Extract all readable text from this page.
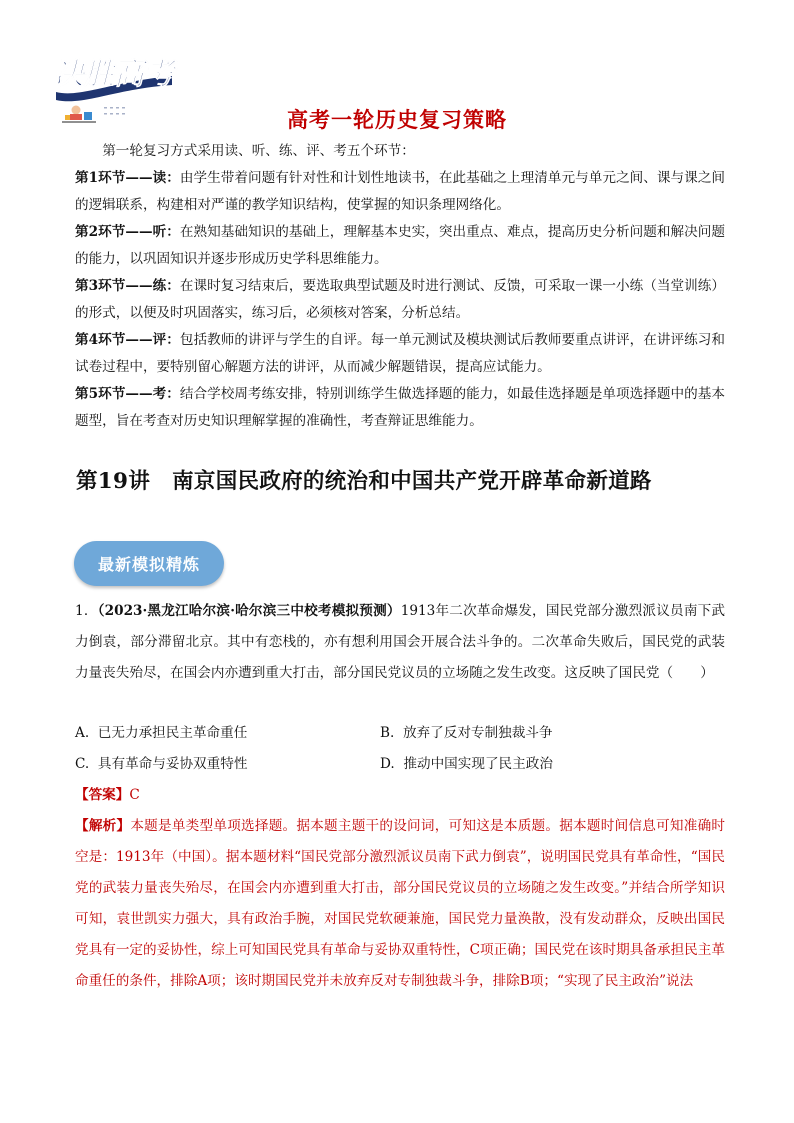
决胜高考
高考一轮历史复习策略

第一轮复习方式采用读、听、练、评、考五个环节：

第1环节——读：由学生带着问题有针对性和计划性地读书，在此基础之上理清单元与单元之间、课与课之间的逻辑联系，构建相对严谨的教学知识结构，使掌握的知识条理网络化。

第2环节——听：在熟知基础知识的基础上，理解基本史实，突出重点、难点，提高历史分析问题和解决问题的能力，以巩固知识并逐步形成历史学科思维能力。

第3环节——练：在课时复习结束后，要选取典型试题及时进行测试、反馈，可采取一课一小练（当堂训练）的形式，以便及时巩固落实，练习后，必须核对答案，分析总结。

第4环节——评：包括教师的讲评与学生的自评。每一单元测试及模块测试后教师要重点讲评，在讲评练习和试卷过程中，要特别留心解题方法的讲评，从而减少解题错误，提高应试能力。

第5环节——考：结合学校周考练安排，特别训练学生做选择题的能力，如最佳选择题是单项选择题中的基本题型，旨在考查对历史知识理解掌握的准确性，考查辩证思维能力。

第19讲 南京国民政府的统治和中国共产党开辟革命新道路
最新模拟精炼
1．（2023·黑龙江哈尔滨·哈尔滨三中校考模拟预测）1913年二次革命爆发，国民党部分激烈派议员南下武力倒袁，部分滞留北京。其中有恋栈的，亦有想利用国会开展合法斗争的。二次革命失败后，国民党的武装力量丧失殆尽，在国会内亦遭到重大打击，部分国民党议员的立场随之发生改变。这反映了国民党（　　）
A. 已无力承担民主革命重任	B. 放弃了反对专制独裁斗争
C. 具有革命与妥协双重特性	D. 推动中国实现了民主政治
【答案】C
【解析】本题是单类型单项选择题。据本题主题干的设问词，可知这是本质题。据本题时间信息可知准确时空是：1913年（中国）。据本题材料“国民党部分激烈派议员南下武力倒袁”，说明国民党具有革命性，“国民党的武装力量丧失殆尽，在国会内亦遭到重大打击，部分国民党议员的立场随之发生改变。”并结合所学知识可知，袁世凯实力强大，具有政治手腕，对国民党软硬兼施，国民党力量涣散，没有发动群众，反映出国民党具有一定的妥协性，综上可知国民党具有革命与妥协双重特性，C项正确；国民党在该时期具备承担民主革命重任的条件，排除A项；该时期国民党并未放弃反对专制独裁斗争，排除B项；“实现了民主政治”说法
